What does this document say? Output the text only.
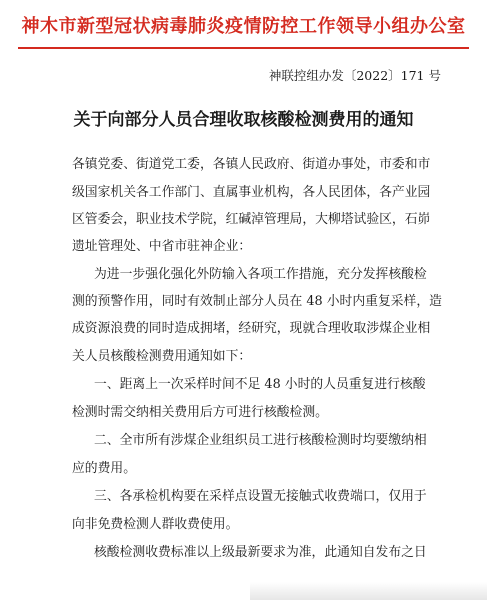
神木市新型冠状病毒肺炎疫情防控工作领导小组办公室
神联控组办发〔2022〕171 号
关于向部分人员合理收取核酸检测费用的通知
各镇党委、街道党工委，各镇人民政府、街道办事处，市委和市
级国家机关各工作部门、直属事业机构，各人民团体，各产业园
区管委会，职业技术学院，红碱淖管理局，大柳塔试验区，石峁
遗址管理处、中省市驻神企业：
为进一步强化强化外防输入各项工作措施，充分发挥核酸检
测的预警作用，同时有效制止部分人员在 48 小时内重复采样，造
成资源浪费的同时造成拥堵，经研究，现就合理收取涉煤企业相
关人员核酸检测费用通知如下：
一、距离上一次采样时间不足 48 小时的人员重复进行核酸
检测时需交纳相关费用后方可进行核酸检测。
二、全市所有涉煤企业组织员工进行核酸检测时均要缴纳相
应的费用。
三、各承检机构要在采样点设置无接触式收费端口，仅用于
向非免费检测人群收费使用。
核酸检测收费标准以上级最新要求为准，此通知自发布之日
